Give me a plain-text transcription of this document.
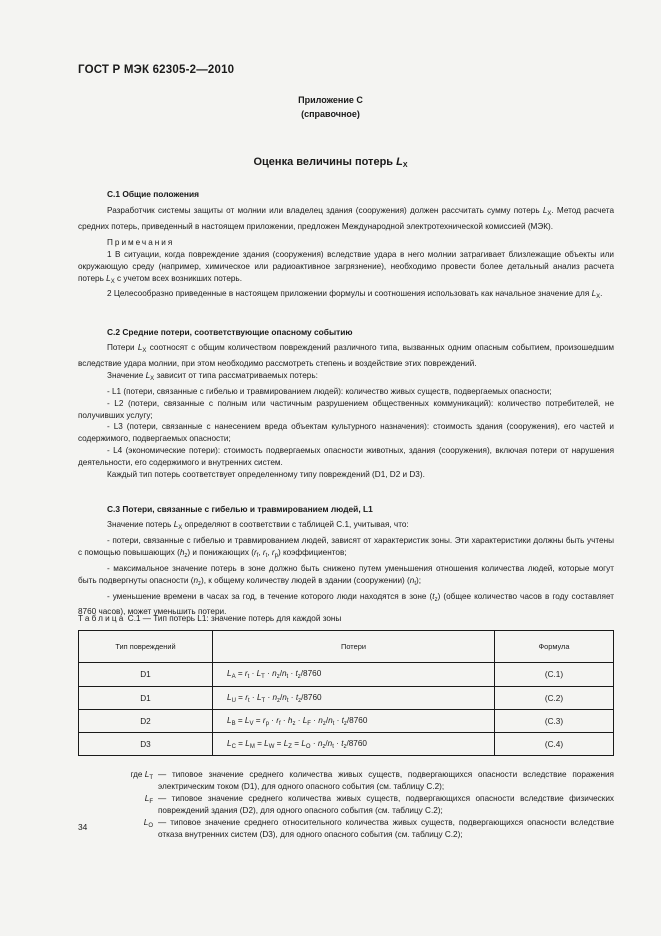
ГОСТ Р МЭК 62305-2—2010
Приложение С
(справочное)
Оценка величины потерь $L_X$
С.1 Общие положения

Разработчик системы защиты от молнии или владелец здания (сооружения) должен рассчитать сумму потерь $L_Х$. Метод расчета средних потерь, приведенный в настоящем приложении, предложен Международной электротехнической комиссией (МЭК).

Примечания

1 В ситуации, когда повреждение здания (сооружения) вследствие удара в него молнии затрагивает близлежащие объекты или окружающую среду (например, химическое или радиоактивное загрязнение), необходимо провести более детальный анализ расчета потерь $L_Х$ с учетом всех возникших потерь.

2 Целесообразно приведенные в настоящем приложении формулы и соотношения использовать как начальное значение для $L_Х$.

С.2 Средние потери, соответствующие опасному событию

Потери $L_Х$ соотносят с общим количеством повреждений различного типа, вызванных одним опасным событием, произошедшим вследствие удара молнии, при этом необходимо рассмотреть степень и воздействие этих повреждений.

Значение $L_Х$ зависит от типа рассматриваемых потерь:

- L1 (потери, связанные с гибелью и травмированием людей): количество живых существ, подвергаемых опасности;

- L2 (потери, связанные с полным или частичным разрушением общественных коммуникаций): количество потребителей, не получивших услугу;

- L3 (потери, связанные с нанесением вреда объектам культурного назначения): стоимость здания (сооружения), его частей и содержимого, подвергаемых опасности;

- L4 (экономические потери): стоимость подвергаемых опасности животных, здания (сооружения), включая потери от нарушения деятельности, его содержимого и внутренних систем.

Каждый тип потерь соответствует определенному типу повреждений (D1, D2 и D3).

С.3 Потери, связанные с гибелью и травмированием людей, L1

Значение потерь $L_Х$ определяют в соответствии с таблицей С.1, учитывая, что:

- потери, связанные с гибелью и травмированием людей, зависят от характеристик зоны. Эти характеристики должны быть учтены с помощью повышающих $(h_z)$ и понижающих ($r_f$, $r_t$, $r_p$) коэффициентов;

- максимальное значение потерь в зоне должно быть снижено путем уменьшения отношения количества людей, которые могут быть подвергнуты опасности $(n_z)$, к общему количеству людей в здании (сооружении) $(n_t)$;

- уменьшение времени в часах за год, в течение которого люди находятся в зоне $(t_z)$ (общее количество часов в году составляет 8760 часов), может уменьшить потери.

Таблица С.1 — Тип потерь L1: значение потерь для каждой зоны
Тип повреждений	Потери	Формула
D1	$L_A = r_t \cdot L_T \cdot n_z/n_t \cdot t_z/8760$	(С.1)
D1	$L_U = r_t \cdot L_T \cdot n_z/n_t \cdot t_z/8760$	(С.2)
D2	$L_B = L_V = r_p \cdot r_f \cdot h_z \cdot L_F \cdot n_z/n_t \cdot t_z/8760$	(С.3)
D3	$L_C = L_M = L_W = L_Z = L_O \cdot n_z/n_t \cdot t_z/8760$	(С.4)
где $L_T$ — типовое значение среднего количества живых существ, подвергающихся опасности вследствие поражения электрическим током (D1), для одного опасного события (см. таблицу С.2);
$L_F$ — типовое значение среднего количества живых существ, подвергающихся опасности вследствие физических повреждений здания (D2), для одного опасного события (см. таблицу С.2);
$L_O$ — типовое значение среднего относительного количества живых существ, подвергающихся опасности вследствие отказа внутренних систем (D3), для одного опасного события (см. таблицу С.2);
34
